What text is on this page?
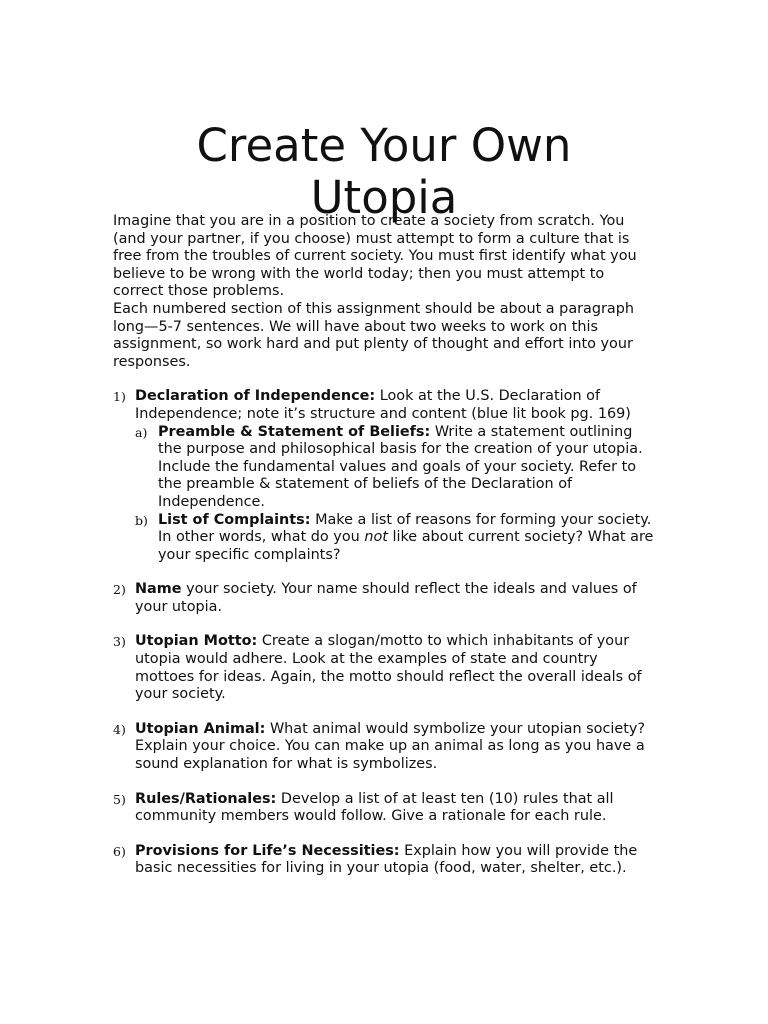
Create Your Own
Utopia

Imagine that you are in a position to create a society from scratch. You (and your partner, if you choose) must attempt to form a culture that is free from the troubles of current society. You must first identify what you believe to be wrong with the world today; then you must attempt to correct those problems.

Each numbered section of this assignment should be about a paragraph long—5-7 sentences. We will have about two weeks to work on this assignment, so work hard and put plenty of thought and effort into your responses.

1) Declaration of Independence: Look at the U.S. Declaration of Independence; note it’s structure and content (blue lit book pg. 169)
a) Preamble & Statement of Beliefs: Write a statement outlining the purpose and philosophical basis for the creation of your utopia. Include the fundamental values and goals of your society. Refer to the preamble & statement of beliefs of the Declaration of Independence.
b) List of Complaints: Make a list of reasons for forming your society. In other words, what do you not like about current society? What are your specific complaints?
2) Name your society. Your name should reflect the ideals and values of your utopia.
3) Utopian Motto: Create a slogan/motto to which inhabitants of your utopia would adhere. Look at the examples of state and country mottoes for ideas. Again, the motto should reflect the overall ideals of your society.
4) Utopian Animal: What animal would symbolize your utopian society? Explain your choice. You can make up an animal as long as you have a sound explanation for what is symbolizes.
5) Rules/Rationales: Develop a list of at least ten (10) rules that all community members would follow. Give a rationale for each rule.
6) Provisions for Life’s Necessities: Explain how you will provide the basic necessities for living in your utopia (food, water, shelter, etc.).
